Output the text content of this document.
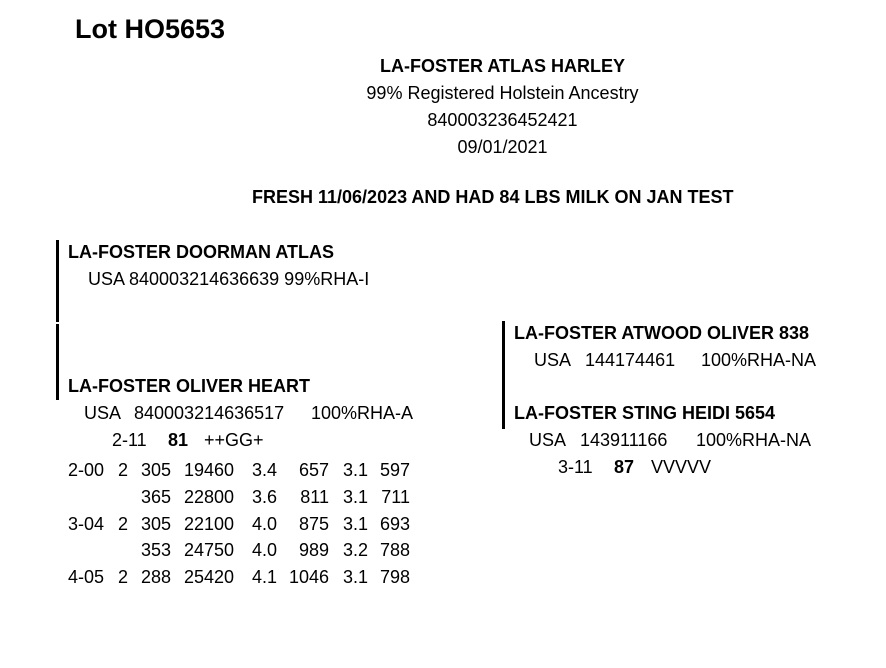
Lot HO5653
LA-FOSTER ATLAS HARLEY
99% Registered Holstein Ancestry
840003236452421
09/01/2021
FRESH 11/06/2023 AND HAD 84 LBS MILK ON JAN TEST
LA-FOSTER DOORMAN ATLAS
USA 840003214636639 99%RHA-I
LA-FOSTER OLIVER HEART
USA 840003214636517 100%RHA-A
2-11 81 ++GG+
2-00 2 305 19460 3.4 657 3.1 597
365 22800 3.6 811 3.1 711
3-04 2 305 22100 4.0 875 3.1 693
353 24750 4.0 989 3.2 788
4-05 2 288 25420 4.1 1046 3.1 798
LA-FOSTER ATWOOD OLIVER 838
USA 144174461 100%RHA-NA
LA-FOSTER STING HEIDI 5654
USA 143911166 100%RHA-NA
3-11 87 VVVVV
